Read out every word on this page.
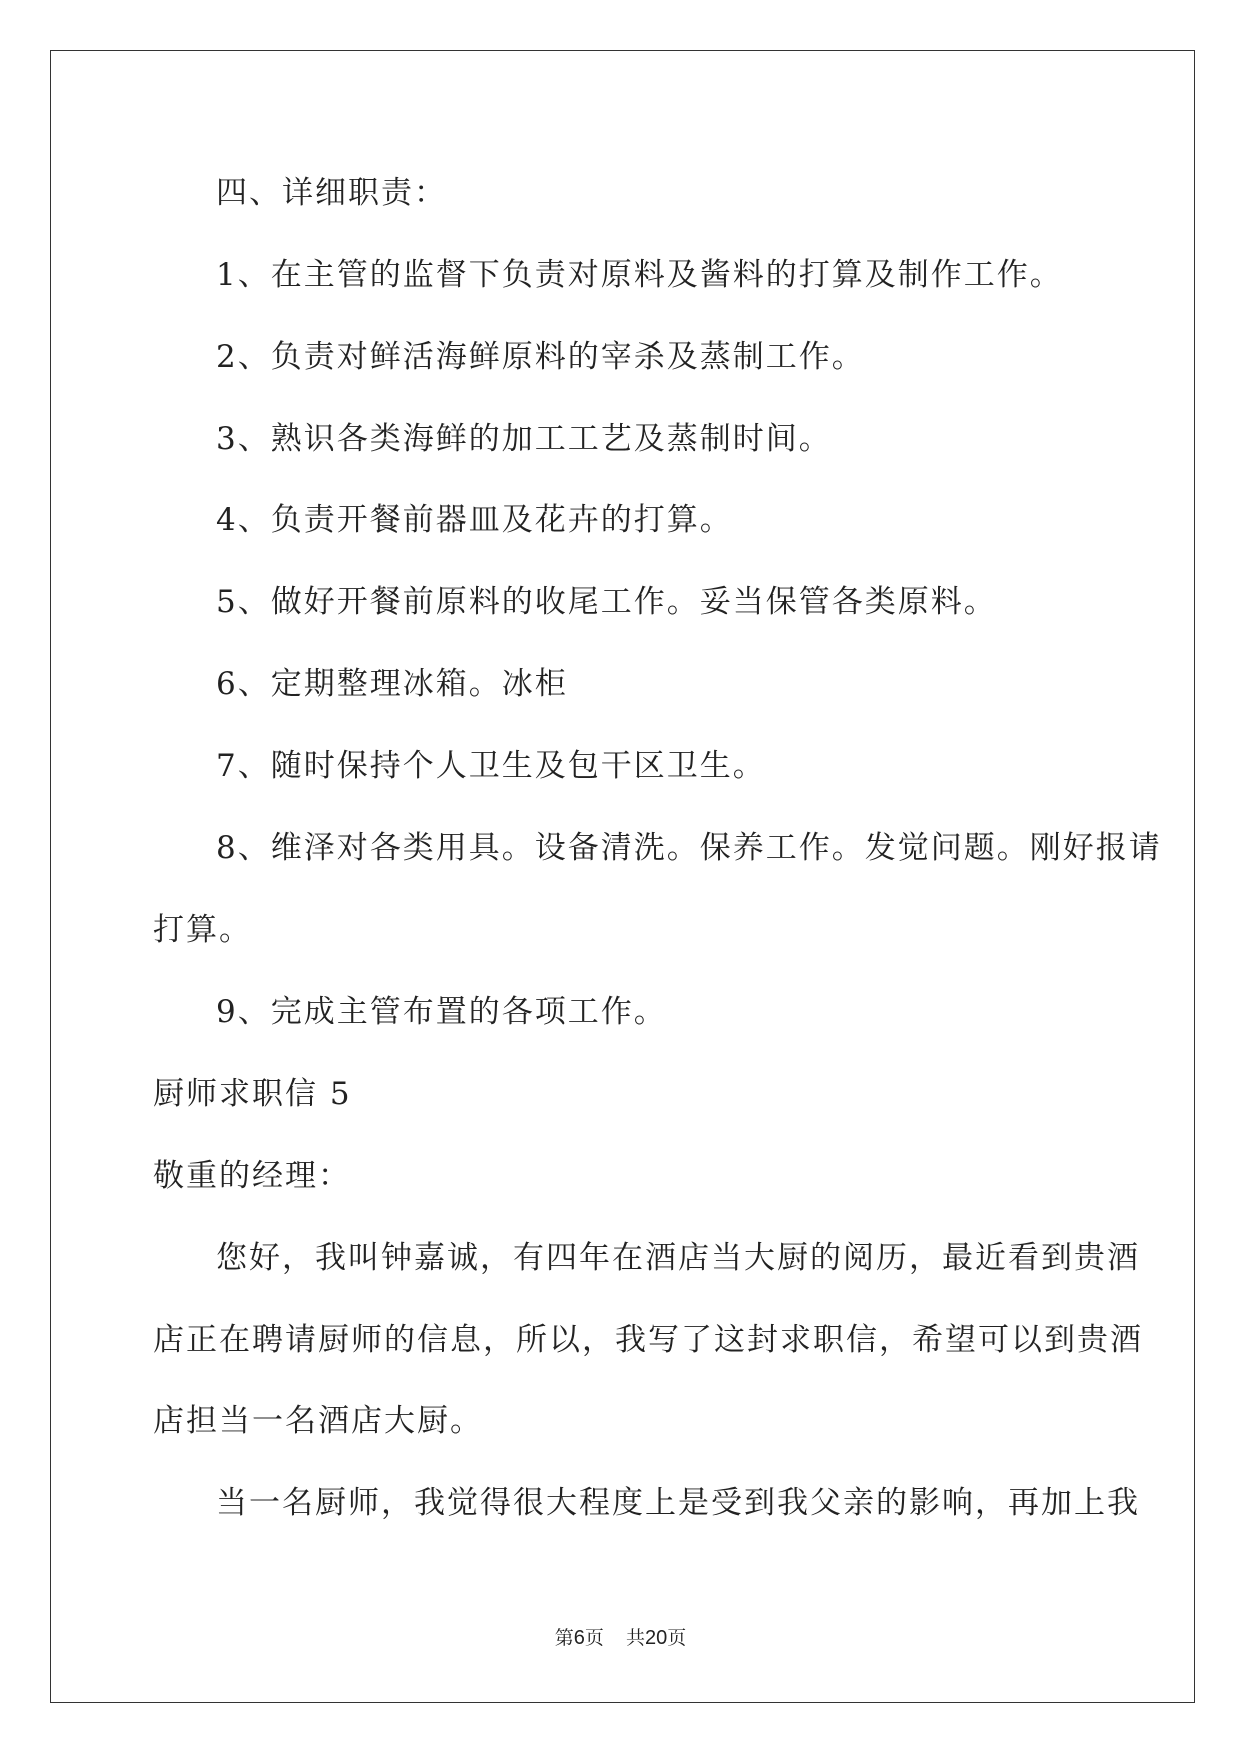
四、详细职责：
1、在主管的监督下负责对原料及酱料的打算及制作工作。
2、负责对鲜活海鲜原料的宰杀及蒸制工作。
3、熟识各类海鲜的加工工艺及蒸制时间。
4、负责开餐前器皿及花卉的打算。
5、做好开餐前原料的收尾工作。妥当保管各类原料。
6、定期整理冰箱。冰柜
7、随时保持个人卫生及包干区卫生。
8、维泽对各类用具。设备清洗。保养工作。发觉问题。刚好报请
打算。
9、完成主管布置的各项工作。
厨师求职信 5
敬重的经理：
您好，我叫钟嘉诚，有四年在酒店当大厨的阅历，最近看到贵酒
店正在聘请厨师的信息，所以，我写了这封求职信，希望可以到贵酒
店担当一名酒店大厨。
当一名厨师，我觉得很大程度上是受到我父亲的影响，再加上我
第6页 共20页
